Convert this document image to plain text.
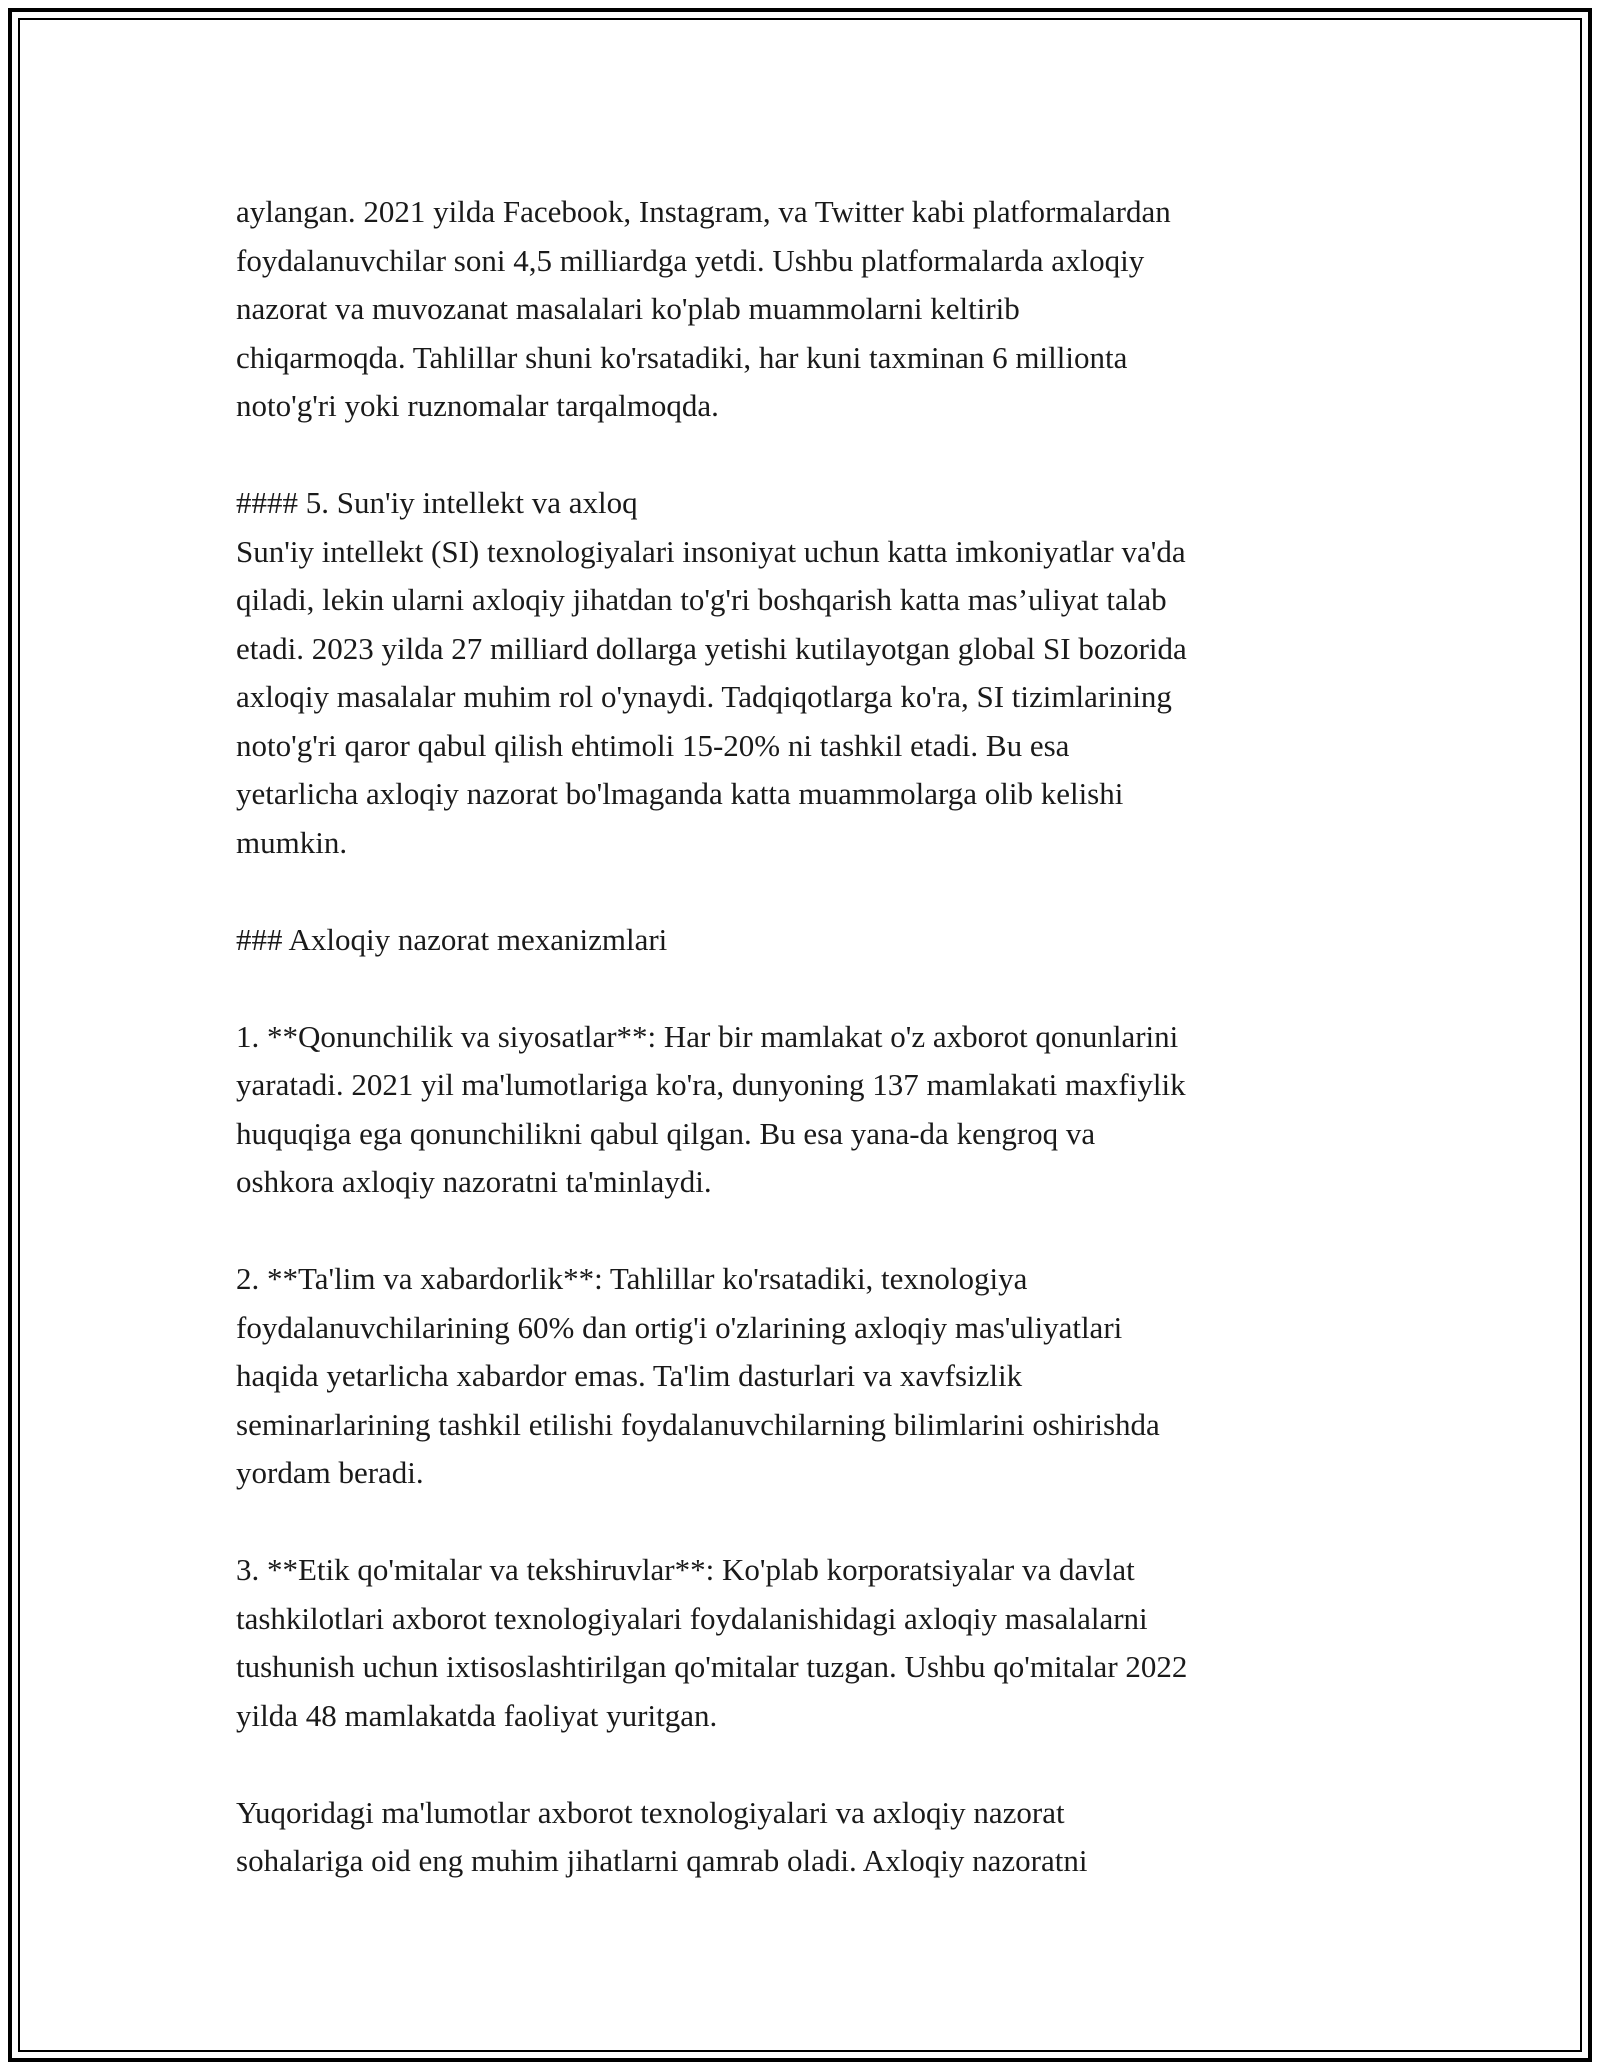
aylangan. 2021 yilda Facebook, Instagram, va Twitter kabi platformalardan
foydalanuvchilar soni 4,5 milliardga yetdi. Ushbu platformalarda axloqiy
nazorat va muvozanat masalalari ko'plab muammolarni keltirib
chiqarmoqda. Tahlillar shuni ko'rsatadiki, har kuni taxminan 6 millionta
noto'g'ri yoki ruznomalar tarqalmoqda.
#### 5. Sun'iy intellekt va axloq
Sun'iy intellekt (SI) texnologiyalari insoniyat uchun katta imkoniyatlar va'da
qiladi, lekin ularni axloqiy jihatdan to'g'ri boshqarish katta mas’uliyat talab
etadi. 2023 yilda 27 milliard dollarga yetishi kutilayotgan global SI bozorida
axloqiy masalalar muhim rol o'ynaydi. Tadqiqotlarga ko'ra, SI tizimlarining
noto'g'ri qaror qabul qilish ehtimoli 15-20% ni tashkil etadi. Bu esa
yetarlicha axloqiy nazorat bo'lmaganda katta muammolarga olib kelishi
mumkin.
### Axloqiy nazorat mexanizmlari
1. **Qonunchilik va siyosatlar**: Har bir mamlakat o'z axborot qonunlarini
yaratadi. 2021 yil ma'lumotlariga ko'ra, dunyoning 137 mamlakati maxfiylik
huquqiga ega qonunchilikni qabul qilgan. Bu esa yana-da kengroq va
oshkora axloqiy nazoratni ta'minlaydi.
2. **Ta'lim va xabardorlik**: Tahlillar ko'rsatadiki, texnologiya
foydalanuvchilarining 60% dan ortig'i o'zlarining axloqiy mas'uliyatlari
haqida yetarlicha xabardor emas. Ta'lim dasturlari va xavfsizlik
seminarlarining tashkil etilishi foydalanuvchilarning bilimlarini oshirishda
yordam beradi.
3. **Etik qo'mitalar va tekshiruvlar**: Ko'plab korporatsiyalar va davlat
tashkilotlari axborot texnologiyalari foydalanishidagi axloqiy masalalarni
tushunish uchun ixtisoslashtirilgan qo'mitalar tuzgan. Ushbu qo'mitalar 2022
yilda 48 mamlakatda faoliyat yuritgan.
Yuqoridagi ma'lumotlar axborot texnologiyalari va axloqiy nazorat
sohalariga oid eng muhim jihatlarni qamrab oladi. Axloqiy nazoratni
